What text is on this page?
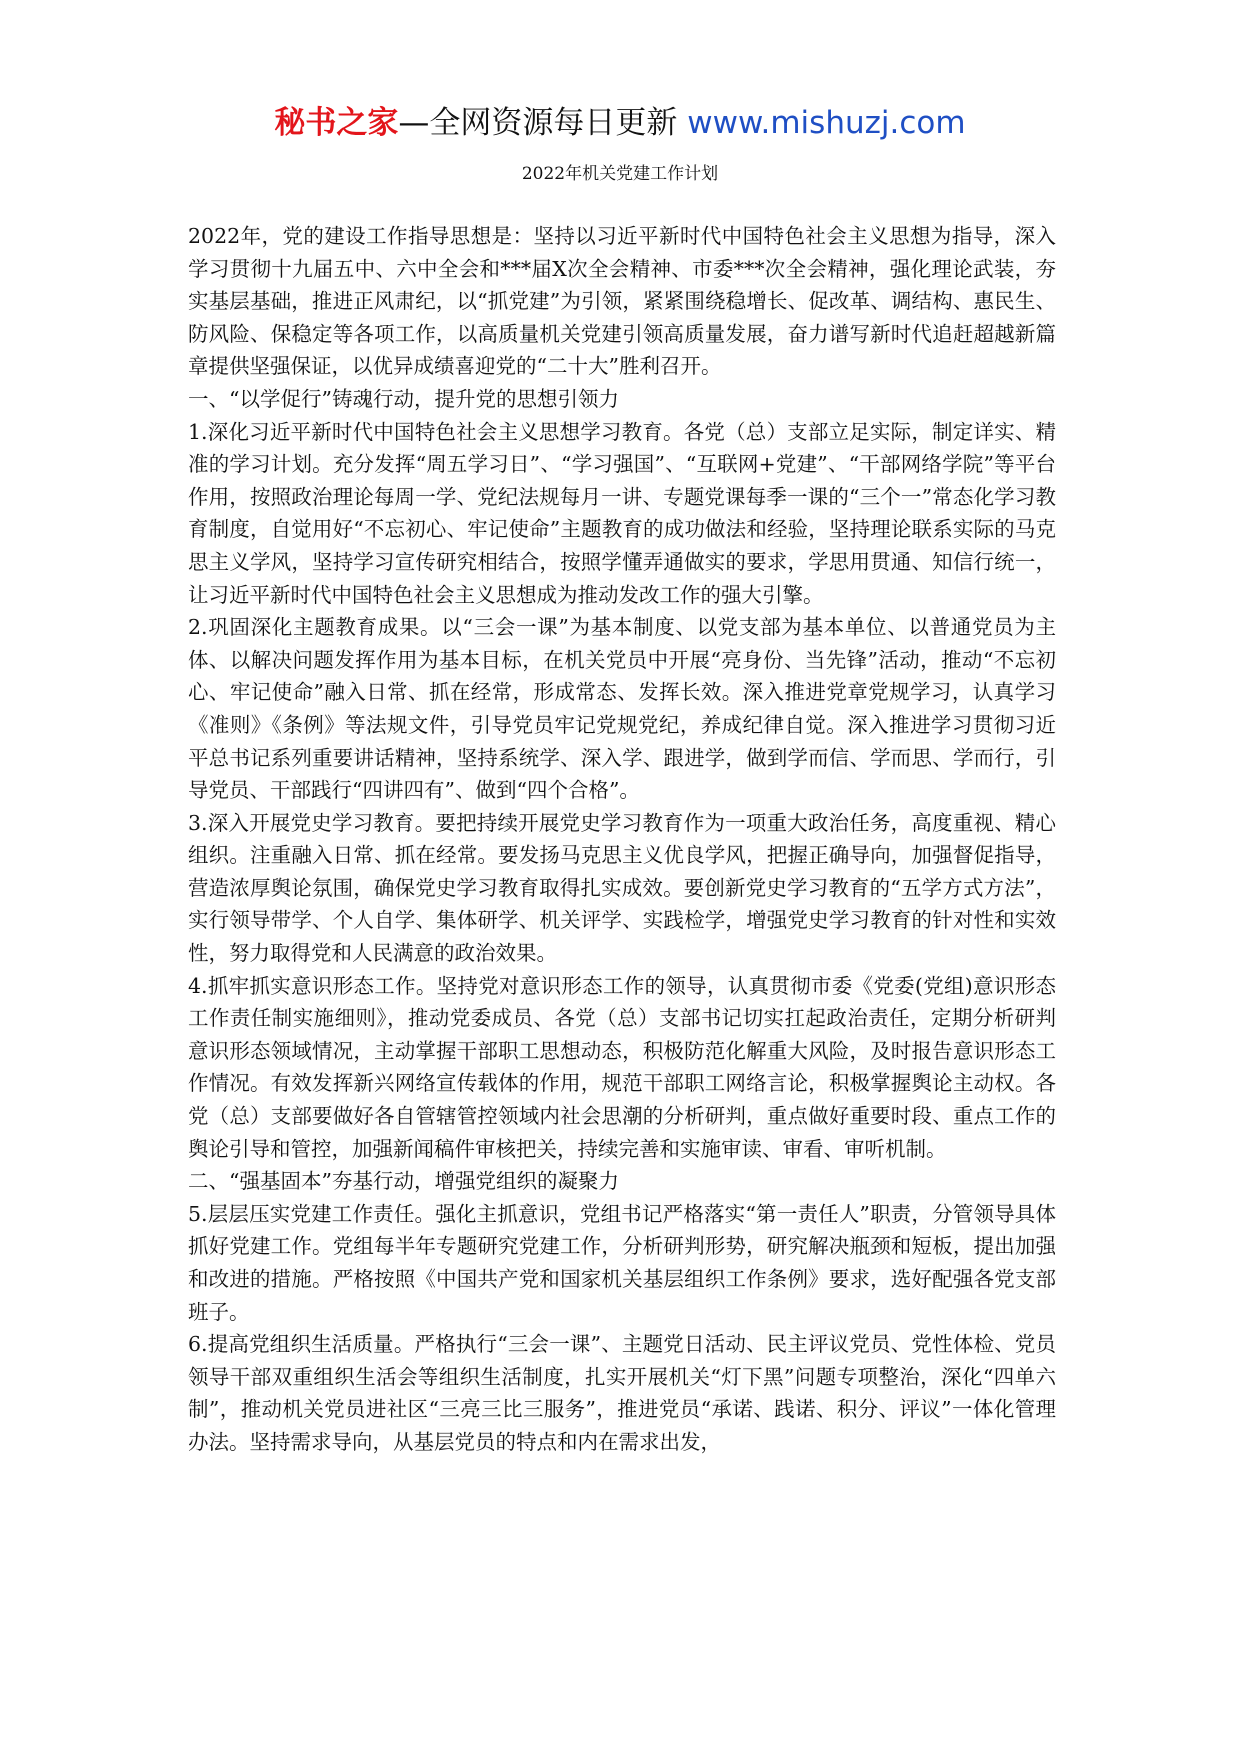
秘书之家—全网资源每日更新 www.mishuzj.com
2022年机关党建工作计划

2022年，党的建设工作指导思想是：坚持以习近平新时代中国特色社会主义思想为指导，深入学习贯彻十九届五中、六中全会和***届X次全会精神、市委***次全会精神，强化理论武装，夯实基层基础，推进正风肃纪，以“抓党建”为引领，紧紧围绕稳增长、促改革、调结构、惠民生、防风险、保稳定等各项工作，以高质量机关党建引领高质量发展，奋力谱写新时代追赶超越新篇章提供坚强保证，以优异成绩喜迎党的“二十大”胜利召开。

一、“以学促行”铸魂行动，提升党的思想引领力

1.深化习近平新时代中国特色社会主义思想学习教育。各党（总）支部立足实际，制定详实、精准的学习计划。充分发挥“周五学习日”、“学习强国”、“互联网+党建”、“干部网络学院”等平台作用，按照政治理论每周一学、党纪法规每月一讲、专题党课每季一课的“三个一”常态化学习教育制度，自觉用好“不忘初心、牢记使命”主题教育的成功做法和经验，坚持理论联系实际的马克思主义学风，坚持学习宣传研究相结合，按照学懂弄通做实的要求，学思用贯通、知信行统一，让习近平新时代中国特色社会主义思想成为推动发改工作的强大引擎。

2.巩固深化主题教育成果。以“三会一课”为基本制度、以党支部为基本单位、以普通党员为主体、以解决问题发挥作用为基本目标，在机关党员中开展“亮身份、当先锋”活动，推动“不忘初心、牢记使命”融入日常、抓在经常，形成常态、发挥长效。深入推进党章党规学习，认真学习《准则》《条例》等法规文件，引导党员牢记党规党纪，养成纪律自觉。深入推进学习贯彻习近平总书记系列重要讲话精神，坚持系统学、深入学、跟进学，做到学而信、学而思、学而行，引导党员、干部践行“四讲四有”、做到“四个合格”。

3.深入开展党史学习教育。要把持续开展党史学习教育作为一项重大政治任务，高度重视、精心组织。注重融入日常、抓在经常。要发扬马克思主义优良学风，把握正确导向，加强督促指导，营造浓厚舆论氛围，确保党史学习教育取得扎实成效。要创新党史学习教育的“五学方式方法”，实行领导带学、个人自学、集体研学、机关评学、实践检学，增强党史学习教育的针对性和实效性，努力取得党和人民满意的政治效果。

4.抓牢抓实意识形态工作。坚持党对意识形态工作的领导，认真贯彻市委《党委(党组)意识形态工作责任制实施细则》，推动党委成员、各党（总）支部书记切实扛起政治责任，定期分析研判意识形态领域情况，主动掌握干部职工思想动态，积极防范化解重大风险，及时报告意识形态工作情况。有效发挥新兴网络宣传载体的作用，规范干部职工网络言论，积极掌握舆论主动权。各党（总）支部要做好各自管辖管控领域内社会思潮的分析研判，重点做好重要时段、重点工作的舆论引导和管控，加强新闻稿件审核把关，持续完善和实施审读、审看、审听机制。

二、“强基固本”夯基行动，增强党组织的凝聚力

5.层层压实党建工作责任。强化主抓意识，党组书记严格落实“第一责任人”职责，分管领导具体抓好党建工作。党组每半年专题研究党建工作，分析研判形势，研究解决瓶颈和短板，提出加强和改进的措施。严格按照《中国共产党和国家机关基层组织工作条例》要求，选好配强各党支部班子。

6.提高党组织生活质量。严格执行“三会一课”、主题党日活动、民主评议党员、党性体检、党员领导干部双重组织生活会等组织生活制度，扎实开展机关“灯下黑”问题专项整治，深化“四单六制”，推动机关党员进社区“三亮三比三服务”，推进党员“承诺、践诺、积分、评议”一体化管理办法。坚持需求导向，从基层党员的特点和内在需求出发，
